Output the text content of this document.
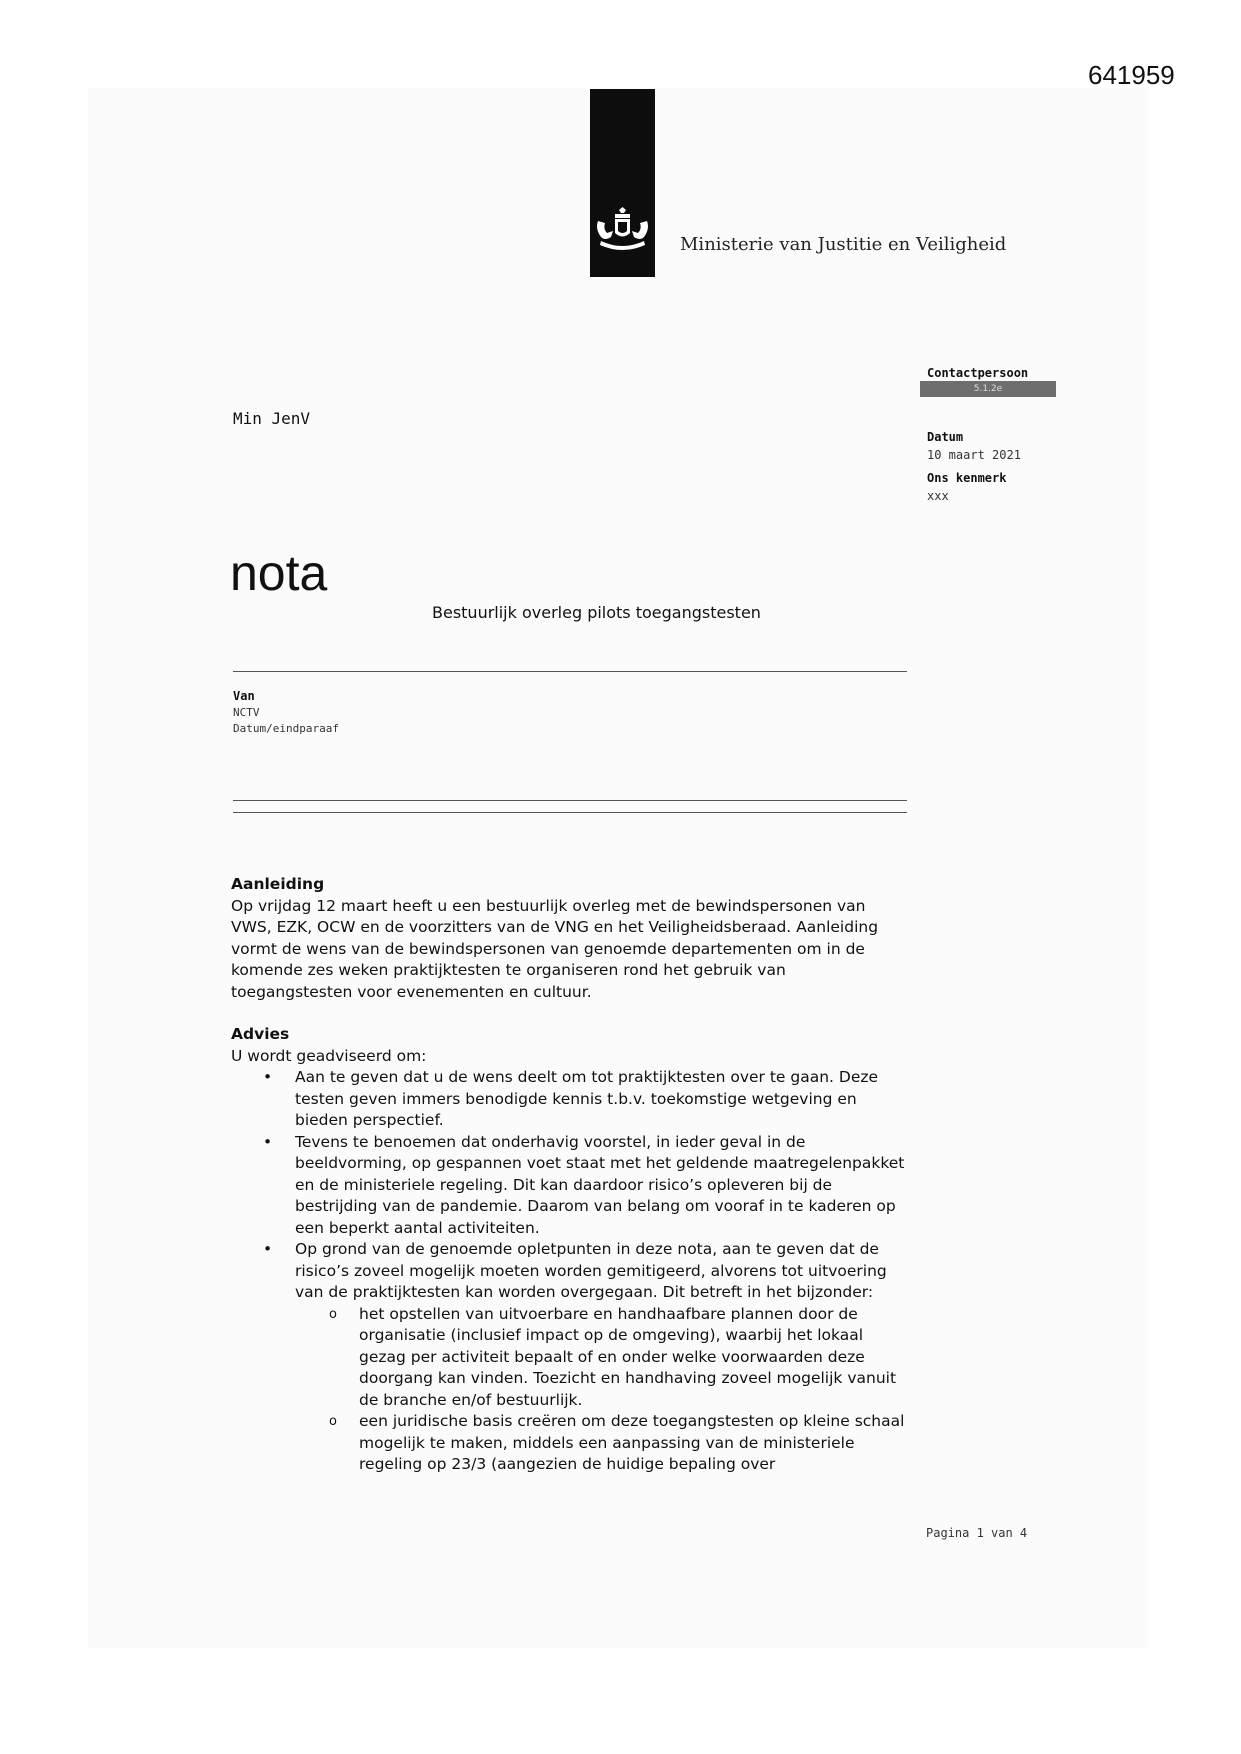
641959
Ministerie van Justitie en Veiligheid
Min JenV
Contactpersoon
5.1.2e
Datum
10 maart 2021
Ons kenmerk
xxx
nota
Bestuurlijk overleg pilots toegangstesten
Van
NCTV
Datum/eindparaaf
Aanleiding

Op vrijdag 12 maart heeft u een bestuurlijk overleg met de bewindspersonen van VWS, EZK, OCW en de voorzitters van de VNG en het Veiligheidsberaad. Aanleiding vormt de wens van de bewindspersonen van genoemde departementen om in de komende zes weken praktijktesten te organiseren rond het gebruik van toegangstesten voor evenementen en cultuur.

Advies

U wordt geadviseerd om:

• Aan te geven dat u de wens deelt om tot praktijktesten over te gaan. Deze testen geven immers benodigde kennis t.b.v. toekomstige wetgeving en bieden perspectief.
• Tevens te benoemen dat onderhavig voorstel, in ieder geval in de beeldvorming, op gespannen voet staat met het geldende maatregelenpakket en de ministeriele regeling. Dit kan daardoor risico’s opleveren bij de bestrijding van de pandemie. Daarom van belang om vooraf in te kaderen op een beperkt aantal activiteiten.
• Op grond van de genoemde opletpunten in deze nota, aan te geven dat de risico’s zoveel mogelijk moeten worden gemitigeerd, alvorens tot uitvoering van de praktijktesten kan worden overgegaan. Dit betreft in het bijzonder:
o het opstellen van uitvoerbare en handhaafbare plannen door de organisatie (inclusief impact op de omgeving), waarbij het lokaal gezag per activiteit bepaalt of en onder welke voorwaarden deze doorgang kan vinden. Toezicht en handhaving zoveel mogelijk vanuit de branche en/of bestuurlijk.
o een juridische basis creëren om deze toegangstesten op kleine schaal mogelijk te maken, middels een aanpassing van de ministeriele regeling op 23/3 (aangezien de huidige bepaling over
Pagina 1 van 4
